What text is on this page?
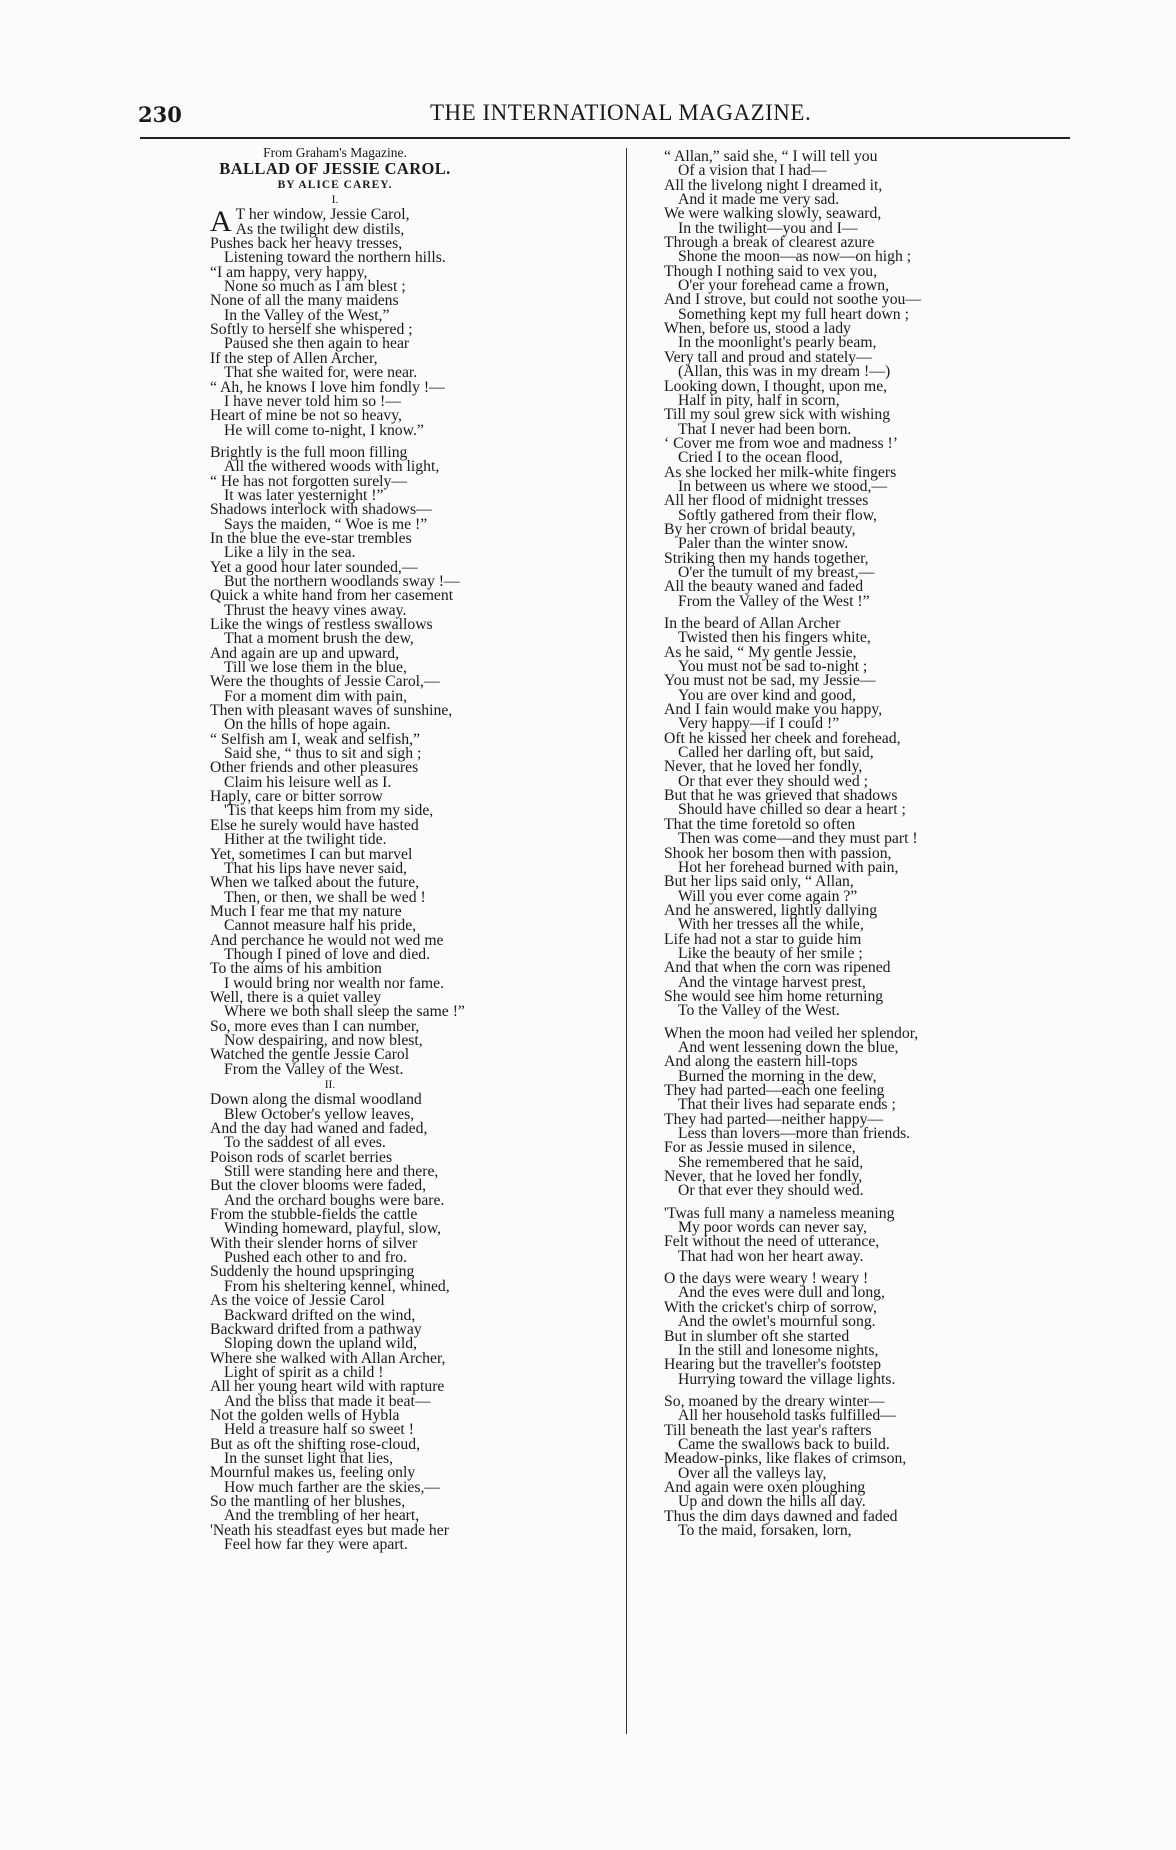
230	THE INTERNATIONAL MAGAZINE.
From Graham's Magazine.
BALLAD OF JESSIE CAROL.
BY ALICE CAREY.
I.
A T her window, Jessie Carol,
As the twilight dew distils,
Pushes back her heavy tresses,
Listening toward the northern hills.
“I am happy, very happy,
None so much as I am blest ;
None of all the many maidens
In the Valley of the West,”
Softly to herself she whispered ;
Paused she then again to hear
If the step of Allen Archer,
That she waited for, were near.
“ Ah, he knows I love him fondly !—
I have never told him so !—
Heart of mine be not so heavy,
He will come to-night, I know.”
Brightly is the full moon filling
All the withered woods with light,
“ He has not forgotten surely—
It was later yesternight !”
Shadows interlock with shadows—
Says the maiden, “ Woe is me !”
In the blue the eve-star trembles
Like a lily in the sea.
Yet a good hour later sounded,—
But the northern woodlands sway !—
Quick a white hand from her casement
Thrust the heavy vines away.
Like the wings of restless swallows
That a moment brush the dew,
And again are up and upward,
Till we lose them in the blue,
Were the thoughts of Jessie Carol,—
For a moment dim with pain,
Then with pleasant waves of sunshine,
On the hills of hope again.
“ Selfish am I, weak and selfish,”
Said she, “ thus to sit and sigh ;
Other friends and other pleasures
Claim his leisure well as I.
Haply, care or bitter sorrow
'Tis that keeps him from my side,
Else he surely would have hasted
Hither at the twilight tide.
Yet, sometimes I can but marvel
That his lips have never said,
When we talked about the future,
Then, or then, we shall be wed !
Much I fear me that my nature
Cannot measure half his pride,
And perchance he would not wed me
Though I pined of love and died.
To the aims of his ambition
I would bring nor wealth nor fame.
Well, there is a quiet valley
Where we both shall sleep the same !”
So, more eves than I can number,
Now despairing, and now blest,
Watched the gentle Jessie Carol
From the Valley of the West.
II.
Down along the dismal woodland
Blew October's yellow leaves,
And the day had waned and faded,
To the saddest of all eves.
Poison rods of scarlet berries
Still were standing here and there,
But the clover blooms were faded,
And the orchard boughs were bare.
From the stubble-fields the cattle
Winding homeward, playful, slow,
With their slender horns of silver
Pushed each other to and fro.
Suddenly the hound upspringing
From his sheltering kennel, whined,
As the voice of Jessie Carol
Backward drifted on the wind,
Backward drifted from a pathway
Sloping down the upland wild,
Where she walked with Allan Archer,
Light of spirit as a child !
All her young heart wild with rapture
And the bliss that made it beat—
Not the golden wells of Hybla
Held a treasure half so sweet !
But as oft the shifting rose-cloud,
In the sunset light that lies,
Mournful makes us, feeling only
How much farther are the skies,—
So the mantling of her blushes,
And the trembling of her heart,
'Neath his steadfast eyes but made her
Feel how far they were apart.
“ Allan,” said she, “ I will tell you
Of a vision that I had—
All the livelong night I dreamed it,
And it made me very sad.
We were walking slowly, seaward,
In the twilight—you and I—
Through a break of clearest azure
Shone the moon—as now—on high ;
Though I nothing said to vex you,
O'er your forehead came a frown,
And I strove, but could not soothe you—
Something kept my full heart down ;
When, before us, stood a lady
In the moonlight's pearly beam,
Very tall and proud and stately—
(Allan, this was in my dream !—)
Looking down, I thought, upon me,
Half in pity, half in scorn,
Till my soul grew sick with wishing
That I never had been born.
‘ Cover me from woe and madness !’
Cried I to the ocean flood,
As she locked her milk-white fingers
In between us where we stood,—
All her flood of midnight tresses
Softly gathered from their flow,
By her crown of bridal beauty,
Paler than the winter snow.
Striking then my hands together,
O'er the tumult of my breast,—
All the beauty waned and faded
From the Valley of the West !”
In the beard of Allan Archer
Twisted then his fingers white,
As he said, “ My gentle Jessie,
You must not be sad to-night ;
You must not be sad, my Jessie—
You are over kind and good,
And I fain would make you happy,
Very happy—if I could !”
Oft he kissed her cheek and forehead,
Called her darling oft, but said,
Never, that he loved her fondly,
Or that ever they should wed ;
But that he was grieved that shadows
Should have chilled so dear a heart ;
That the time foretold so often
Then was come—and they must part !
Shook her bosom then with passion,
Hot her forehead burned with pain,
But her lips said only, “ Allan,
Will you ever come again ?”
And he answered, lightly dallying
With her tresses all the while,
Life had not a star to guide him
Like the beauty of her smile ;
And that when the corn was ripened
And the vintage harvest prest,
She would see him home returning
To the Valley of the West.
When the moon had veiled her splendor,
And went lessening down the blue,
And along the eastern hill-tops
Burned the morning in the dew,
They had parted—each one feeling
That their lives had separate ends ;
They had parted—neither happy—
Less than lovers—more than friends.
For as Jessie mused in silence,
She remembered that he said,
Never, that he loved her fondly,
Or that ever they should wed.
'Twas full many a nameless meaning
My poor words can never say,
Felt without the need of utterance,
That had won her heart away.
O the days were weary ! weary !
And the eves were dull and long,
With the cricket's chirp of sorrow,
And the owlet's mournful song.
But in slumber oft she started
In the still and lonesome nights,
Hearing but the traveller's footstep
Hurrying toward the village lights.
So, moaned by the dreary winter—
All her household tasks fulfilled—
Till beneath the last year's rafters
Came the swallows back to build.
Meadow-pinks, like flakes of crimson,
Over all the valleys lay,
And again were oxen ploughing
Up and down the hills all day.
Thus the dim days dawned and faded
To the maid, forsaken, lorn,
